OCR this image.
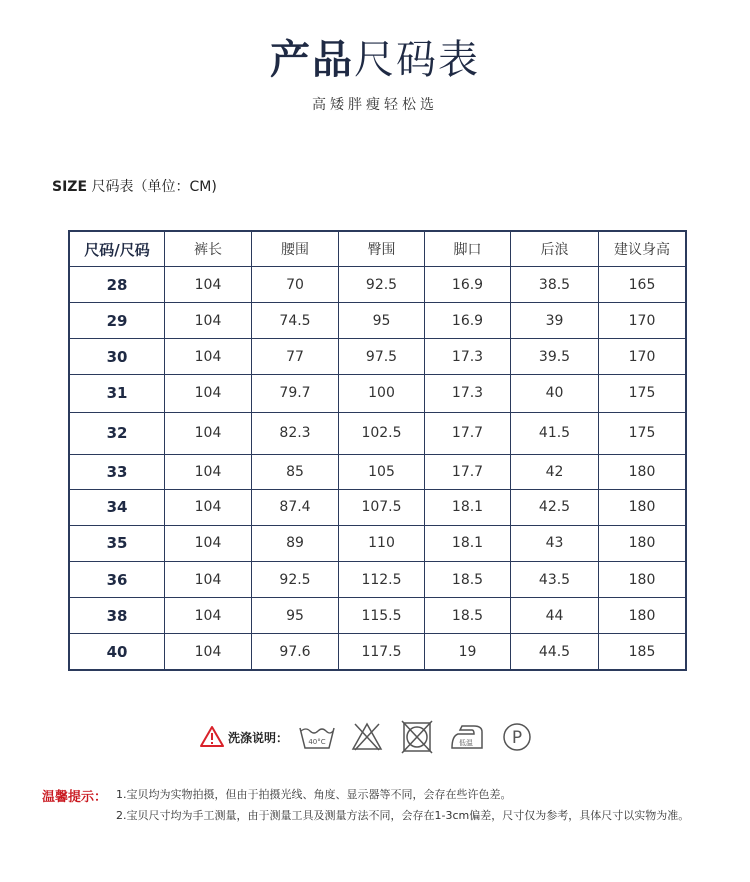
产品尺码表
高矮胖瘦轻松选
SIZE 尺码表（单位：CM)
尺码/尺码	裤长	腰围	臀围	脚口	后浪	建议身高
28	104	70	92.5	16.9	38.5	165
29	104	74.5	95	16.9	39	170
30	104	77	97.5	17.3	39.5	170
31	104	79.7	100	17.3	40	175
32	104	82.3	102.5	17.7	41.5	175
33	104	85	105	17.7	42	180
34	104	87.4	107.5	18.1	42.5	180
35	104	89	110	18.1	43	180
36	104	92.5	112.5	18.5	43.5	180
38	104	95	115.5	18.5	44	180
40	104	97.6	117.5	19	44.5	185
洗涤说明：	40°C	低温 P
温馨提示： 1.宝贝均为实物拍摄，但由于拍摄光线、角度、显示器等不同，会存在些许色差。
2.宝贝尺寸均为手工测量，由于测量工具及测量方法不同，会存在1-3cm偏差，尺寸仅为参考，具体尺寸以实物为准。
